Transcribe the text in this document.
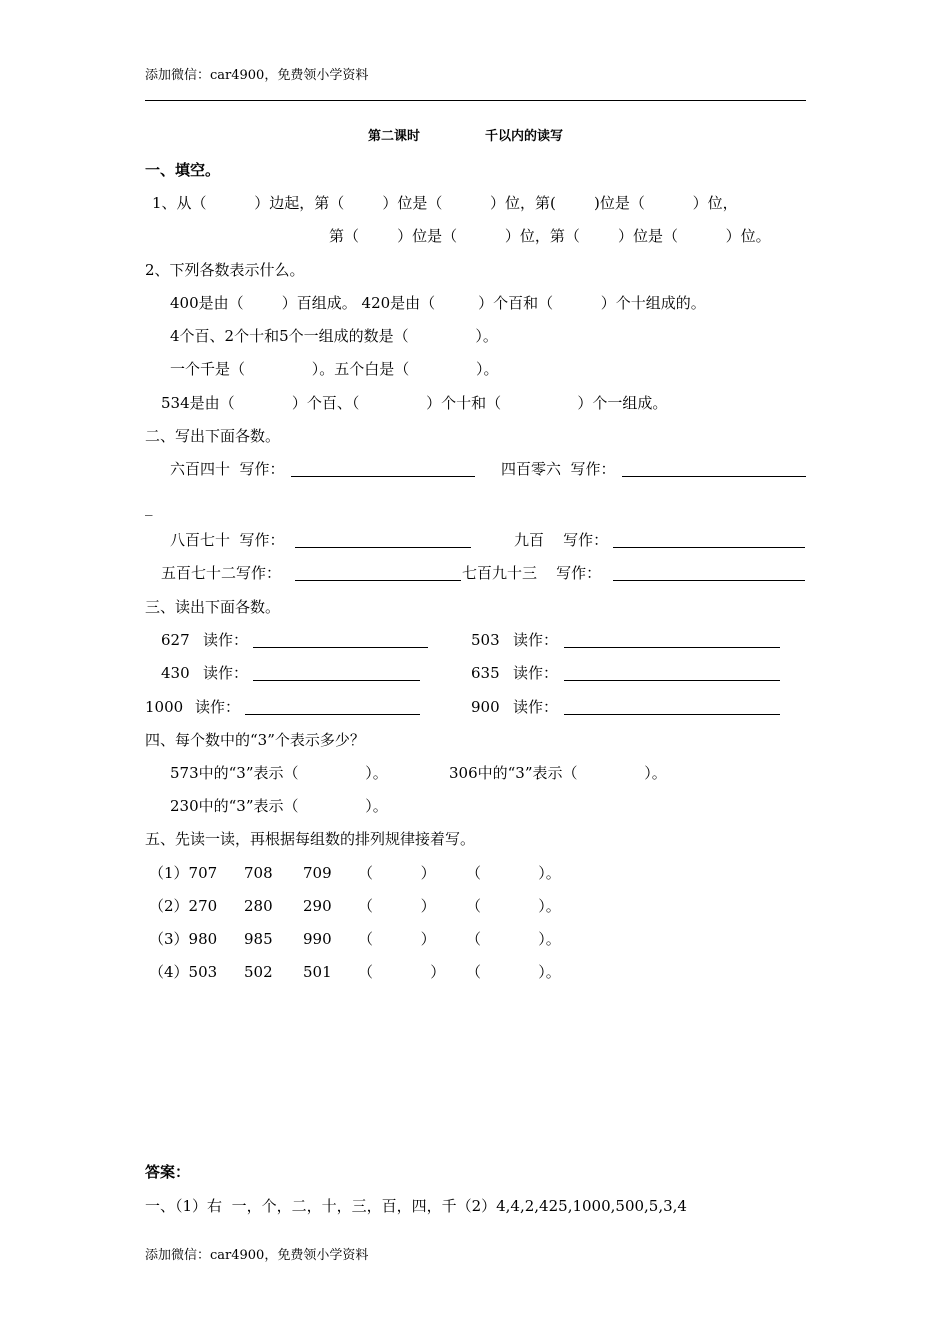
添加微信：car4900，免费领小学资料
第二课时	千以内的读写
一、填空。
1、从（          ）边起，第（        ）位是（          ）位，第(        )位是（          ）位，
第（        ）位是（          ）位，第（        ）位是（          ）位。
2、下列各数表示什么。
400是由（        ）百组成。 420是由（         ）个百和（          ）个十组成的。
4个百、2个十和5个一组成的数是（              ）。
一个千是（              ）。五个白是（              ）。
534是由（            ）个百、（              ）个十和（                ）个一组成。
二、写出下面各数。
六百四十  写作：	四百零六  写作：
_
八百七十  写作：	九百    写作：
五百七十二写作：	七百九十三    写作：
三、读出下面各数。
627 读作：	503 读作：
430 读作：	635 读作：
1000 读作：	900 读作：
四、每个数中的“3”个表示多少？
573中的“3”表示（              ）。	306中的“3”表示（              ）。
230中的“3”表示（              ）。
五、先读一读，再根据每组数的排列规律接着写。
（1）707 708 709 （          ） （            ）。
（2）270 280 290 （          ） （            ）。
（3）980 985 990 （          ） （            ）。
（4）503 502 501 （            ） （            ）。
答案：
一、（1）右  一，个，二，十，三，百，四，千（2）4,4,2,425,1000,500,5,3,4
添加微信：car4900，免费领小学资料
